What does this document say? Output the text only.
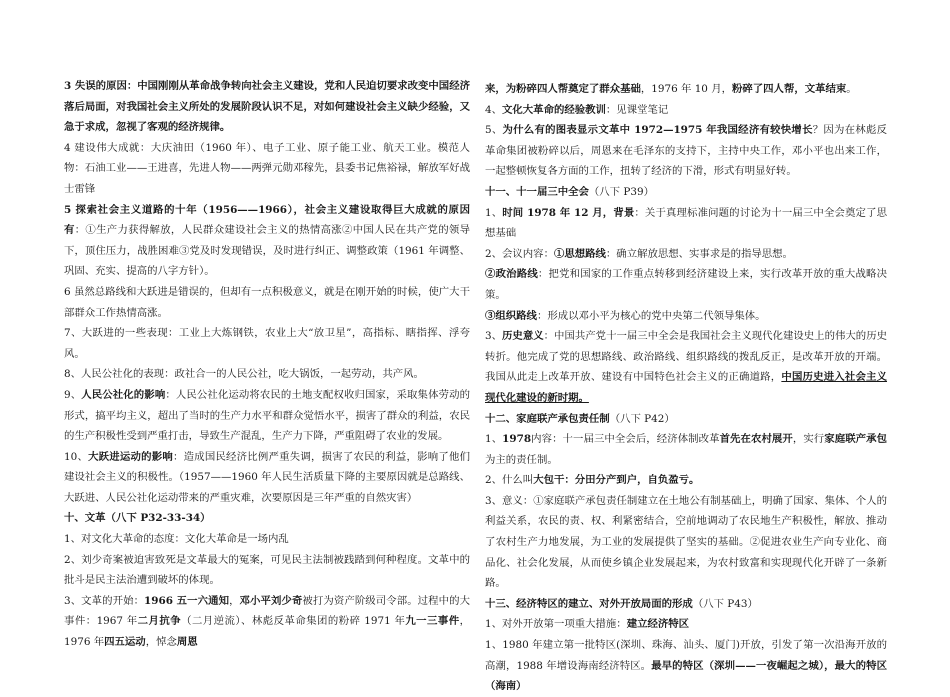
3 失误的原因：中国刚刚从革命战争转向社会主义建设，党和人民迫切要求改变中国经济落后局面，对我国社会主义所处的发展阶段认识不足，对如何建设社会主义缺少经验，又急于求成，忽视了客观的经济规律。

4 建设伟大成就：大庆油田（1960 年）、电子工业、原子能工业、航天工业。模范人物：石油工业——王进喜，先进人物——两弹元勋邓稼先，县委书记焦裕禄，解放军好战士雷锋

5 探索社会主义道路的十年（1956——1966），社会主义建设取得巨大成就的原因有：①生产力获得解放，人民群众建设社会主义的热情高涨②中国人民在共产党的领导下，顶住压力，战胜困难③党及时发现错误，及时进行纠正、调整政策（1961 年调整、巩固、充实、提高的八字方针）。

6 虽然总路线和大跃进是错误的，但却有一点积极意义，就是在刚开始的时候，使广大干部群众工作热情高涨。

7、大跃进的一些表现：工业上大炼钢铁，农业上大“放卫星”，高指标、瞎指挥、浮夸风。

8、人民公社化的表现：政社合一的人民公社，吃大锅饭，一起劳动，共产风。

9、人民公社化的影响：人民公社化运动将农民的土地支配权收归国家，采取集体劳动的形式，搞平均主义，超出了当时的生产力水平和群众觉悟水平，损害了群众的利益，农民的生产积极性受到严重打击，导致生产混乱，生产力下降，严重阻碍了农业的发展。

10、大跃进运动的影响：造成国民经济比例严重失调，损害了农民的利益，影响了他们建设社会主义的积极性。（1957——1960 年人民生活质量下降的主要原因就是总路线、大跃进、人民公社化运动带来的严重灾难，次要原因是三年严重的自然灾害）

十、文革（八下 P32-33-34）

1、对文化大革命的态度：文化大革命是一场内乱

2、刘少奇案被迫害致死是文革最大的冤案，可见民主法制被践踏到何种程度。文革中的批斗是民主法治遭到破坏的体现。

3、文革的开始：1966 五一六通知，邓小平刘少奇被打为资产阶级司令部。过程中的大事件：1967 年二月抗争（二月逆流）、林彪反革命集团的粉碎 1971 年九一三事件，1976 年四五运动，悼念周恩

来，为粉碎四人帮奠定了群众基础，1976 年 10 月，粉碎了四人帮，文革结束。

4、文化大革命的经验教训：见课堂笔记

5、为什么有的图表显示文革中 1972—1975 年我国经济有较快增长？因为在林彪反革命集团被粉碎以后，周恩来在毛泽东的支持下，主持中央工作，邓小平也出来工作，一起整顿恢复各方面的工作，扭转了经济的下滑，形式有明显好转。

十一、十一届三中全会（八下 P39）

1、时间 1978 年 12 月，背景：关于真理标准问题的讨论为十一届三中全会奠定了思想基础

2、会议内容：①思想路线：确立解放思想、实事求是的指导思想。

②政治路线：把党和国家的工作重点转移到经济建设上来，实行改革开放的重大战略决策。

③组织路线：形成以邓小平为核心的党中央第二代领导集体。

3、历史意义：中国共产党十一届三中全会是我国社会主义现代化建设史上的伟大的历史转折。他完成了党的思想路线、政治路线、组织路线的拨乱反正，是改革开放的开端。我国从此走上改革开放、建设有中国特色社会主义的正确道路，中国历史进入社会主义现代化建设的新时期。

十二、家庭联产承包责任制（八下 P42）

1、1978内容：十一届三中全会后，经济体制改革首先在农村展开，实行家庭联产承包为主的责任制。

2、什么叫大包干：分田分产到户，自负盈亏。

3、意义：①家庭联产承包责任制建立在土地公有制基础上，明确了国家、集体、个人的利益关系，农民的责、权、利紧密结合，空前地调动了农民地生产积极性，解放、推动了农村生产力地发展，为工业的发展提供了坚实的基础。②促进农业生产向专业化、商品化、社会化发展，从而使乡镇企业发展起来，为农村致富和实现现代化开辟了一条新路。

十三、经济特区的建立、对外开放局面的形成（八下 P43）

1、对外开放第一项重大措施：建立经济特区

1、1980 年建立第一批特区(深圳、珠海、汕头、厦门)开放，引发了第一次沿海开放的高潮，1988 年增设海南经济特区。最早的特区（深圳——一夜崛起之城），最大的特区（海南）
